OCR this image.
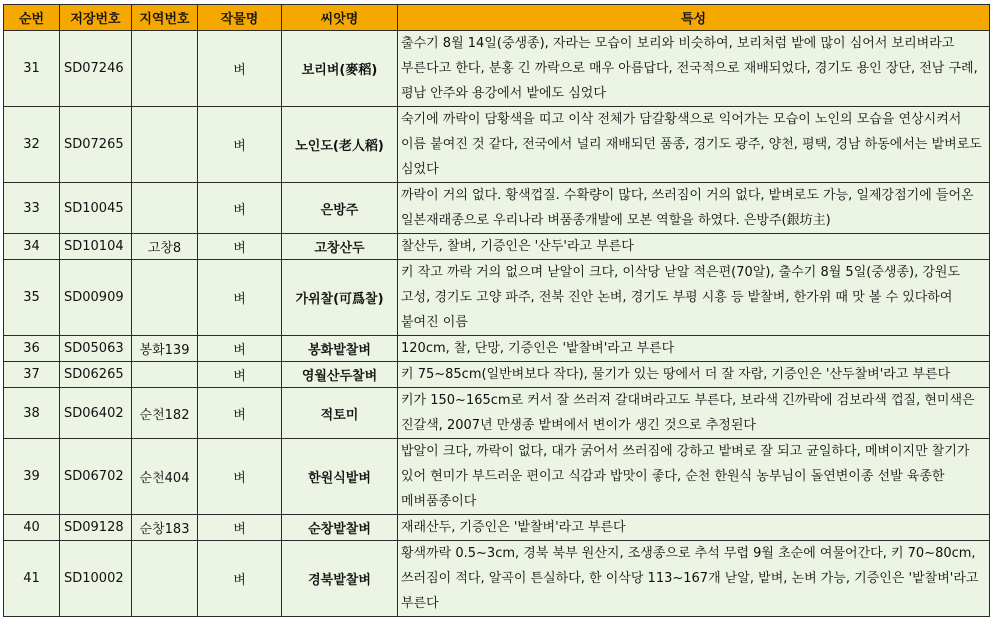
순번	저장번호	지역번호	작물명	씨앗명	특성
31	SD07246		벼	보리벼(麥稻)	출수기 8월 14일(중생종), 자라는 모습이 보리와 비슷하여, 보리처럼 밭에 많이 심어서 보리벼라고 부른다고 한다, 분홍 긴 까락으로 매우 아름답다, 전국적으로 재배되었다, 경기도 용인 장단, 전남 구례, 평남 안주와 용강에서 밭에도 심었다
32	SD07265		벼	노인도(老人稻)	숙기에 까락이 담황색을 띠고 이삭 전체가 담갈황색으로 익어가는 모습이 노인의 모습을 연상시켜서 이름 붙여진 것 같다, 전국에서 널리 재배되던 품종, 경기도 광주, 양천, 평택, 경남 하동에서는 밭벼로도 심었다
33	SD10045		벼	은방주	까락이 거의 없다. 황색껍질. 수확량이 많다, 쓰러짐이 거의 없다, 밭벼로도 가능, 일제강점기에 들어온 일본재래종으로 우리나라 벼품종개발에 모본 역할을 하였다. 은방주(銀坊主)
34	SD10104	고창8	벼	고창산두	찰산두, 찰벼, 기증인은 '산두'라고 부른다
35	SD00909		벼	가위찰(可爲찰)	키 작고 까락 거의 없으며 낟알이 크다, 이삭당 낟알 적은편(70알), 출수기 8월 5일(중생종), 강원도 고성, 경기도 고양 파주, 전북 진안 논벼, 경기도 부평 시흥 등 밭찰벼, 한가위 때 맛 볼 수 있다하여 붙여진 이름
36	SD05063	봉화139	벼	봉화밭찰벼	120cm, 찰, 단망, 기증인은 '밭찰벼'라고 부른다
37	SD06265		벼	영월산두찰벼	키 75~85cm(일반벼보다 작다), 물기가 있는 땅에서 더 잘 자람, 기증인은 '산두찰벼'라고 부른다
38	SD06402	순천182	벼	적토미	키가 150~165cm로 커서 잘 쓰러져 갈대벼라고도 부른다, 보라색 긴까락에 검보라색 껍질, 현미색은 진갈색, 2007년 만생종 밭벼에서 변이가 생긴 것으로 추정된다
39	SD06702	순천404	벼	한원식밭벼	밥알이 크다, 까락이 없다, 대가 굵어서 쓰러짐에 강하고 밭벼로 잘 되고 균일하다, 메벼이지만 찰기가 있어 현미가 부드러운 편이고 식감과 밥맛이 좋다, 순천 한원식 농부님이 돌연변이종 선발 육종한 메벼품종이다
40	SD09128	순창183	벼	순창밭찰벼	재래산두, 기증인은 '밭찰벼'라고 부른다
41	SD10002		벼	경북밭찰벼	황색까락 0.5~3cm, 경북 북부 원산지, 조생종으로 추석 무렵 9월 초순에 여물어간다, 키 70~80cm, 쓰러짐이 적다, 알곡이 튼실하다, 한 이삭당 113~167개 낟알, 밭벼, 논벼 가능, 기증인은 '밭찰벼'라고 부른다
